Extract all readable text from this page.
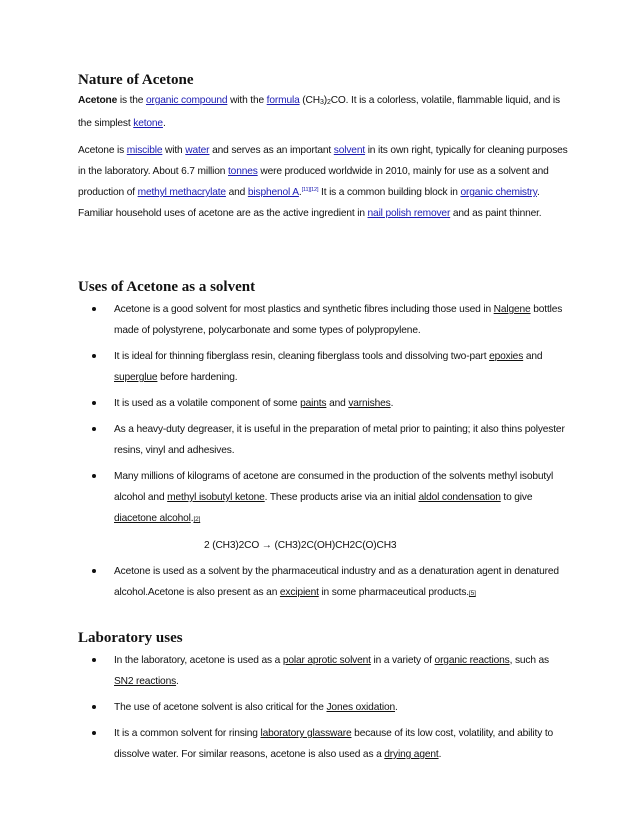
Nature of Acetone

Acetone is the organic compound with the formula (CH3)2CO. It is a colorless, volatile, flammable liquid, and is the simplest ketone.

Acetone is miscible with water and serves as an important solvent in its own right, typically for cleaning purposes in the laboratory. About 6.7 million tonnes were produced worldwide in 2010, mainly for use as a solvent and production of methyl methacrylate and bisphenol A.[11][12] It is a common building block in organic chemistry. Familiar household uses of acetone are as the active ingredient in nail polish remover and as paint thinner.

Uses of Acetone as a solvent
Acetone is a good solvent for most plastics and synthetic fibres including those used in Nalgene bottles made of polystyrene, polycarbonate and some types of polypropylene.
It is ideal for thinning fiberglass resin, cleaning fiberglass tools and dissolving two-part epoxies and superglue before hardening.
It is used as a volatile component of some paints and varnishes.
As a heavy-duty degreaser, it is useful in the preparation of metal prior to painting; it also thins polyester resins, vinyl and adhesives.
Many millions of kilograms of acetone are consumed in the production of the solvents methyl isobutyl alcohol and methyl isobutyl ketone. These products arise via an initial aldol condensation to give diacetone alcohol.[2]

2 (CH3)2CO → (CH3)2C(OH)CH2C(O)CH3

Acetone is used as a solvent by the pharmaceutical industry and as a denaturation agent in denatured alcohol.Acetone is also present as an excipient in some pharmaceutical products.[5]
Laboratory uses
In the laboratory, acetone is used as a polar aprotic solvent in a variety of organic reactions, such as SN2 reactions.
The use of acetone solvent is also critical for the Jones oxidation.
It is a common solvent for rinsing laboratory glassware because of its low cost, volatility, and ability to dissolve water. For similar reasons, acetone is also used as a drying agent.
